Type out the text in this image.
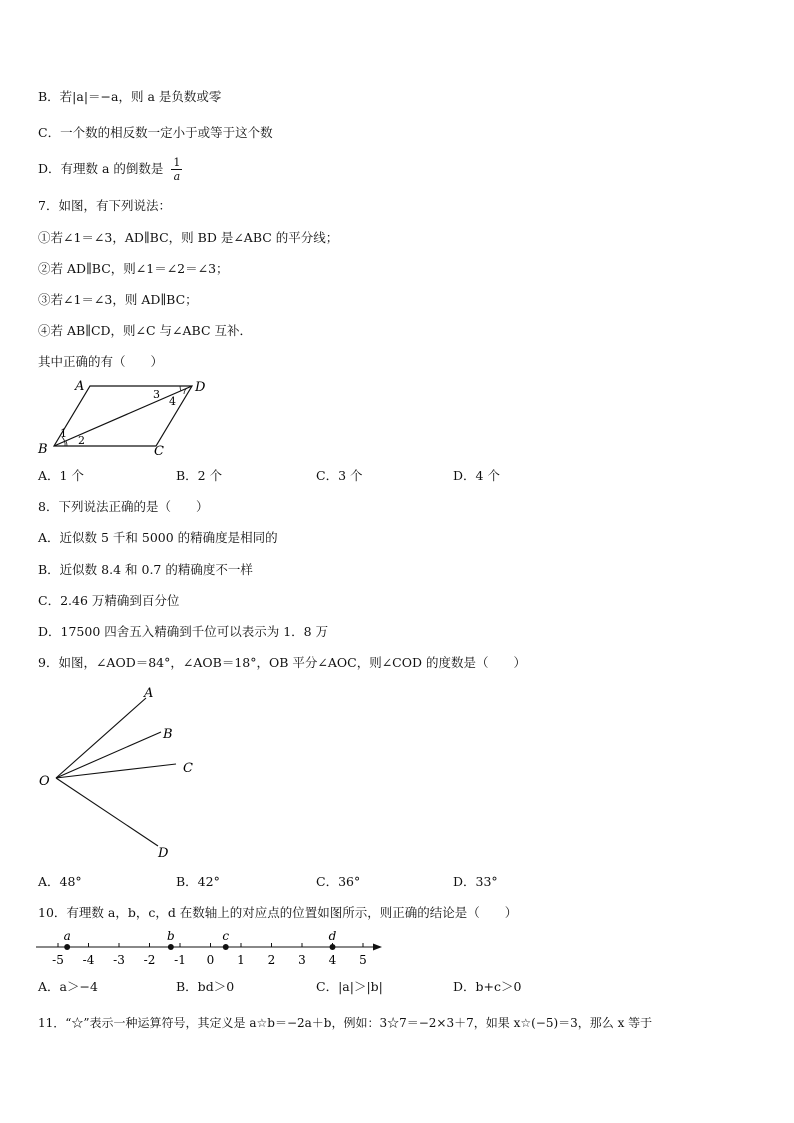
B．若|a|＝−a，则 a 是负数或零
C．一个数的相反数一定小于或等于这个数
D．有理数 a 的倒数是 $\frac{1}{a}$
7．如图，有下列说法：
①若∠1＝∠3，AD∥BC，则 BD 是∠ABC 的平分线；
②若 AD∥BC，则∠1＝∠2＝∠3；
③若∠1＝∠3，则 AD∥BC；
④若 AB∥CD，则∠C 与∠ABC 互补．
其中正确的有（　　）
A	D
B	C
1
2
3
4
A．1 个	B．2 个	C．3 个	D．4 个
8．下列说法正确的是（　　）
A．近似数 5 千和 5000 的精确度是相同的
B．近似数 8.4 和 0.7 的精确度不一样
C．2.46 万精确到百分位
D．17500 四舍五入精确到千位可以表示为 1．8 万
9．如图，∠AOD＝84°，∠AOB＝18°，OB 平分∠AOC，则∠COD 的度数是（　　）
O
A
B
C
D
A．48°	B．42°	C．36°	D．33°
10．有理数 a，b，c，d 在数轴上的对应点的位置如图所示，则正确的结论是（　　）
-5 -4 -3 -2 -1 0 1 2 3 4 5
a	b	c	d
A．a＞−4	B．bd＞0	C．|a|＞|b|	D．b+c＞0
11．“☆”表示一种运算符号，其定义是 a☆b＝−2a＋b，例如：3☆7＝−2×3＋7，如果 x☆(−5)＝3，那么 x 等于
